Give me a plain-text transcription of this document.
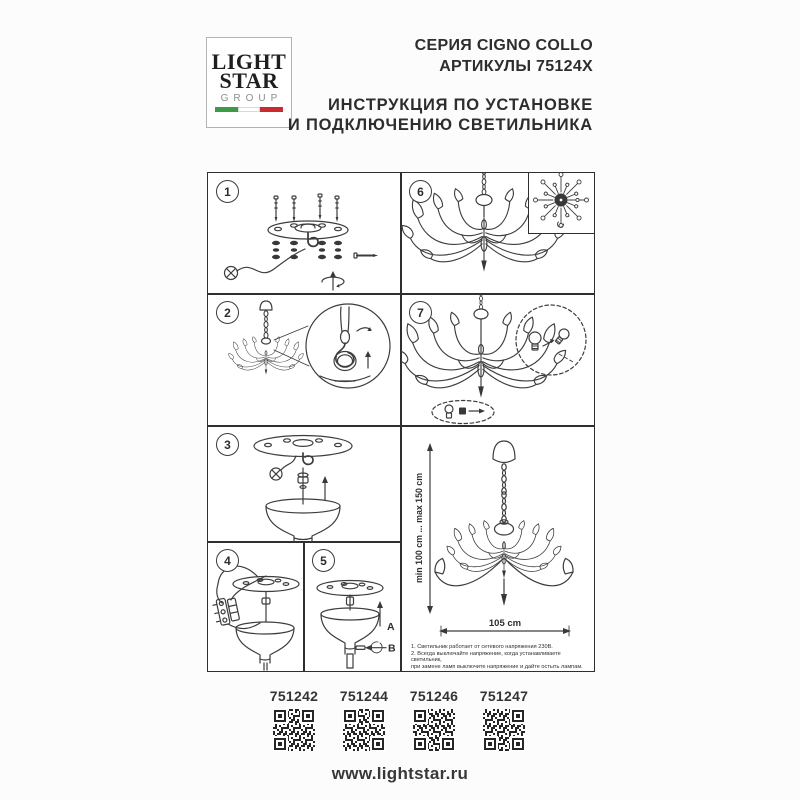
LIGHT
STAR
GROUP
СЕРИЯ CIGNO COLLO
АРТИКУЛЫ 75124X
ИНСТРУКЦИЯ ПО УСТАНОВКЕ
И ПОДКЛЮЧЕНИЮ СВЕТИЛЬНИКА
1
2
3
4	5
A
B
6
7
min 100 cm ... max 150 cm
105 cm
1. Светильник работает от сетевого напряжения 230В.
2. Всегда выключайте напряжение, когда устанавливаете светильник,
при замене ламп выключите напряжение и дайте остыть лампам.
751242	751244	751246	751247
www.lightstar.ru
